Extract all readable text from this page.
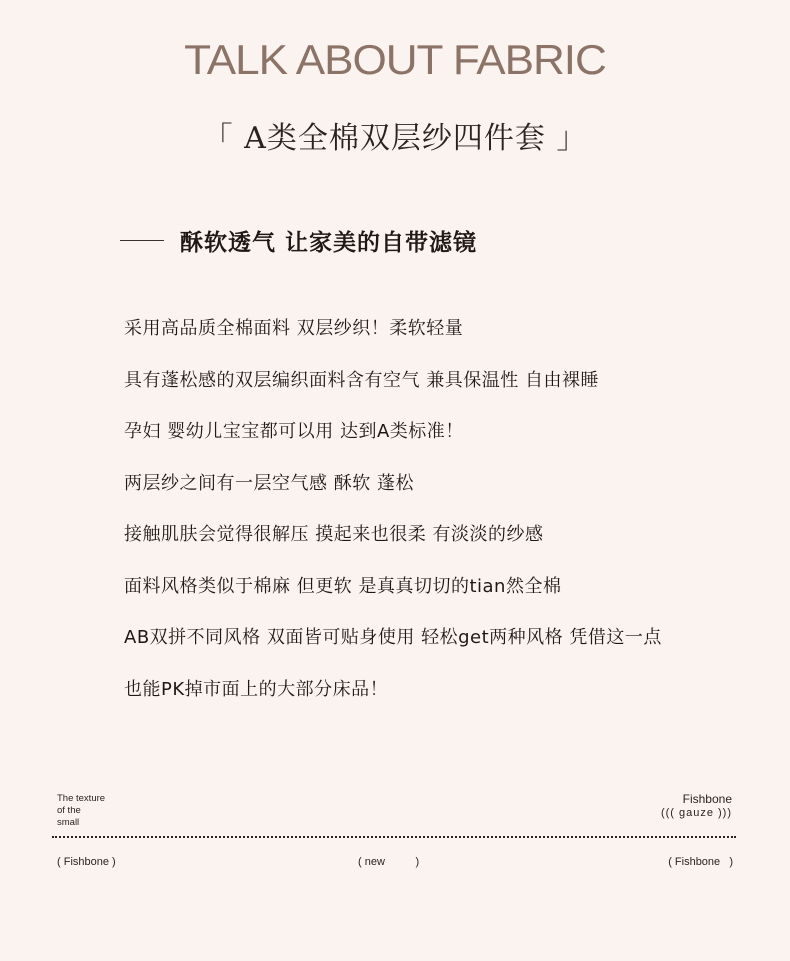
TALK ABOUT FABRIC
「 A类全棉双层纱四件套 」
酥软透气 让家美的自带滤镜
采用高品质全棉面料 双层纱织！柔软轻量
具有蓬松感的双层编织面料含有空气 兼具保温性 自由裸睡
孕妇 婴幼儿宝宝都可以用 达到A类标准！
两层纱之间有一层空气感 酥软 蓬松
接触肌肤会觉得很解压 摸起来也很柔 有淡淡的纱感
面料风格类似于棉麻 但更软 是真真切切的tian然全棉
AB双拼不同风格 双面皆可贴身使用 轻松get两种风格 凭借这一点
也能PK掉市面上的大部分床品！
The texture
of the
small
Fishbone
((( gauze )))
( Fishbone )	( new          )	( Fishbone   )
